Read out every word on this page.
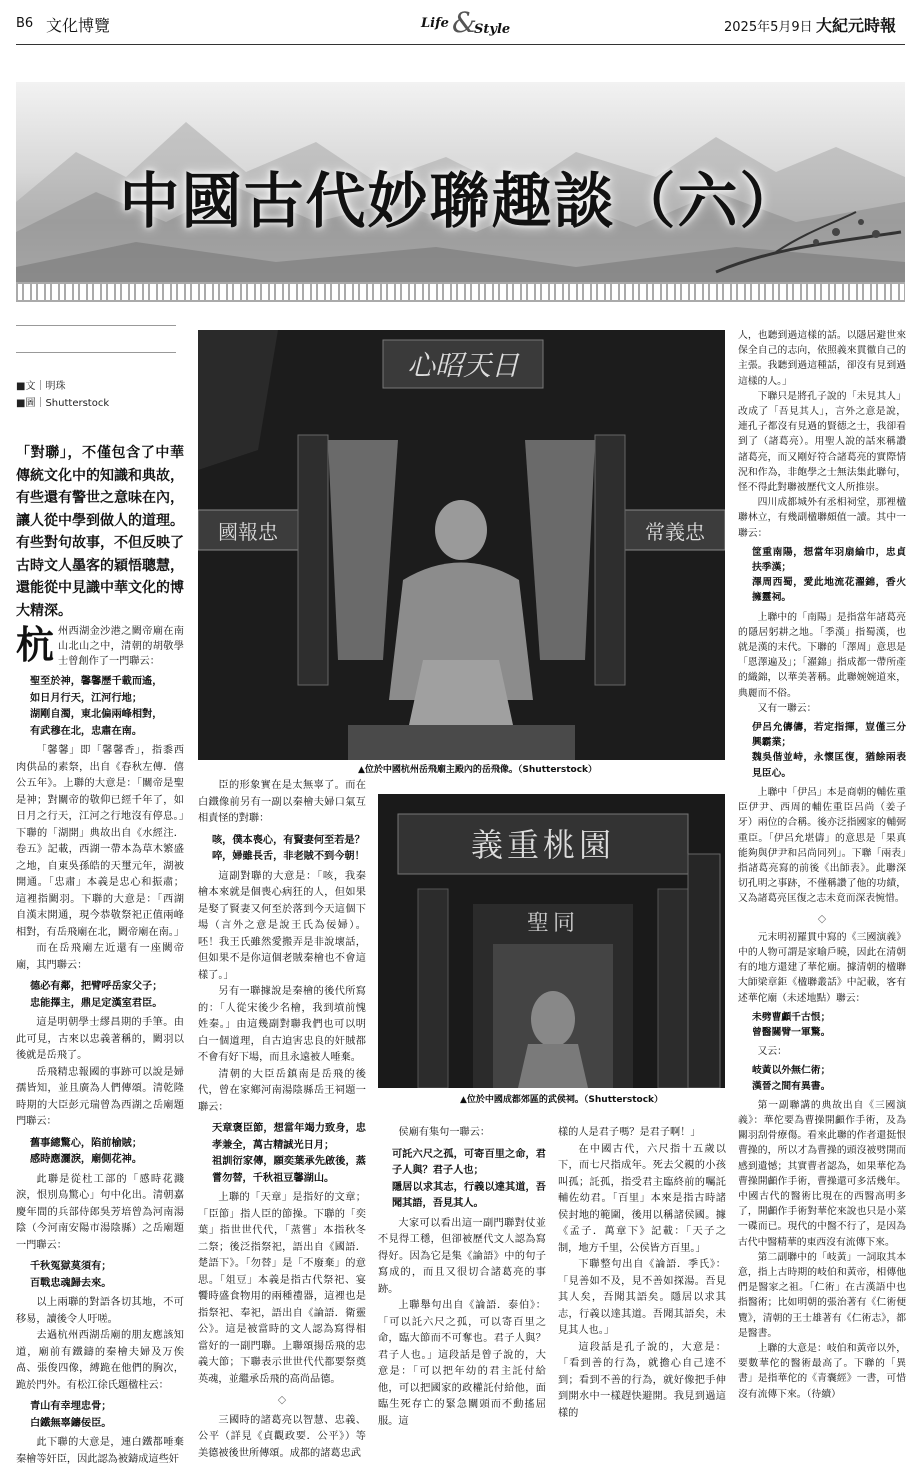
B6 文化博覽	Life &
Style	2025年5月9日 大紀元時報
中國古代妙聯趣談（六）
■文｜明珠
■圖｜Shutterstock
「對聯」，不僅包含了中華傳統文化中的知識和典故，有些還有警世之意味在內，讓人從中學到做人的道理。有些對句故事，不但反映了古時文人墨客的穎悟聰慧，還能從中見識中華文化的博大精深。
杭 州西湖金沙港之闕帝廟在南山北山之中，清朝的胡敬學士曾創作了一門聯云：
聖至於神，馨馨歷千載而遙，
如日月行天，江河行地；
湖剛自濁，東北偏兩峰相對，
有武穆在北，忠肅在南。

「馨馨」即「馨馨香」，指黍西肉供品的素祭，出自《春秋左傳．僖公五年》。上聯的大意是：「關帝是聖是神；對關帝的敬仰已經千年了，如日月之行天，江河之行地沒有停息。」下聯的「湖開」典故出自《水經注．卷五》記載，西湖一帶本為草木繁盛之地，自東吳孫皓的天璽元年，湖被開通。「忠肅」本義是忠心和振肅；這裡指闕羽。下聯的大意是：「西湖自漢末開通，現今恭敬祭祀正值兩峰相對，有岳飛廟在北，闕帝廟在南。」

而在岳飛廟左近還有一座闕帝廟，其門聯云：

德必有鄰，把臂呼岳家父子；
忠能擇主，鼎足定漢室君臣。

這是明朝學士繆昌期的手筆。由此可見，古來以忠義著稱的，闕羽以後就是岳飛了。

岳飛精忠報國的事跡可以說是婦孺皆知，並且廣為人們傳頌。清乾隆時期的大臣彭元瑞曾為西湖之岳廟題門聯云：

舊事總驚心，陷前榆賊；
感時應灑淚，廟側花神。

此聯是從杜工部的「感時花濺淚，恨別鳥驚心」句中化出。清朝嘉慶年間的兵部侍郎吳芳培曾為河南湯陰（今河南安陽市湯陰縣）之岳廟題一門聯云：

千秋冤獄莫須有；
百戰忠魂歸去來。

以上兩聯的對語各切其地，不可移易，讀後令人吁嗟。

去過杭州西湖岳廟的朋友應該知道，廟前有鐵鑄的秦檜夫婦及万俟卨、張俊四像，縛跪在他們的胸次，跪於門外。有松江徐氏題楹柱云：

青山有幸埋忠骨；
白鐵無辜鑄佞臣。

此下聯的大意是，連白鐵都唾棄秦檜等奸臣，因此認為被鑄成這些奸

心昭天日
國報忠	常義忠
▲位於中國杭州岳飛廟主殿內的岳飛像。（Shutterstock）

臣的形象實在是太無辜了。而在白鐵像前另有一副以秦檜夫婦口氣互相責怪的對聯：

咳，僕本喪心，有賢妻何至若是？
啐，婦雖長舌，非老賊不到今朝！

這副對聯的大意是：「咳，我秦檜本來就是個喪心病狂的人，但如果是娶了賢妻又何至於落到今天這個下場（言外之意是說王氏為佞婦）。呸！我王氏雖然愛搬弄是非說壞話，但如果不是你這個老賊秦檜也不會這樣了。」

另有一聯據說是秦檜的後代所寫的：「人從宋後少名檜，我到墳前愧姓秦。」由這幾副對聯我們也可以明白一個道理，自古迫害忠良的奸賊都不會有好下場，而且永遠被人唾棄。

清朝的大臣岳鎮南是岳飛的後代，曾在家鄉河南湯陰縣岳王祠題一聯云：

天章褒臣節，想當年竭力致身，忠孝兼全，萬古精誠光日月；
祖訓衍家傳，願奕葉承先啟後，蒸嘗勿替，千秋祖豆馨湖山。

上聯的「天章」是指好的文章；「臣節」指人臣的節操。下聯的「奕葉」指世世代代，「蒸嘗」本指秋冬二祭；後泛指祭祀，語出自《國語．楚語下》。「勿替」是「不廢棄」的意思。「俎豆」本義是指古代祭祀、宴饗時盛食物用的兩種禮器，這裡也是指祭祀、奉祀，語出自《論語．衛靈公》。這是被當時的文人認為寫得相當好的一副門聯。上聯頌揚岳飛的忠義大節；下聯表示世世代代都要祭奠英魂，並繼承岳飛的高尚品德。

◇

三國時的諸葛亮以智慧、忠義、公平（詳見《貞觀政要．公平》）等美德被後世所傳頌。成都的諸葛忠武

義重桃園
聖同
▲位於中國成都郊區的武侯祠。（Shutterstock）

侯廟有集句一聯云：

可託六尺之孤，可寄百里之命，君子人與？君子人也；
隱居以求其志，行義以達其道，吾聞其語，吾見其人。

大家可以看出這一副門聯對仗並不見得工穩，但卻被歷代文人認為寫得好。因為它是集《論語》中的句子寫成的，而且又很切合諸葛亮的事跡。

上聯舉句出自《論語．泰伯》：「可以託六尺之孤，可以寄百里之命，臨大節而不可奪也。君子人與？君子人也。」這段話是曾子說的，大意是：「可以把年幼的君主託付給他，可以把國家的政權託付給他，面臨生死存亡的緊急關頭而不動搖屈服。這

樣的人是君子嗎？是君子啊！」

在中國古代，六尺指十五歲以下，而七尺指成年。死去父親的小孩叫孤；託孤，指受君主臨終前的囑託輔佐幼君。「百里」本來是指古時諸侯封地的範圍，後用以稱諸侯國。據《孟子．萬章下》記載：「天子之制，地方千里，公侯皆方百里。」

下聯整句出自《論語．季氏》：「見善如不及，見不善如探湯。吾見其人矣，吾聞其語矣。隱居以求其志，行義以達其道。吾聞其語矣，未見其人也。」

這段話是孔子說的，大意是：「看到善的行為，就擔心自己達不到；看到不善的行為，就好像把手伸到開水中一樣趕快避開。我見到過這樣的

人，也聽到過這樣的話。以隱居避世來保全自己的志向，依照義來貫徹自己的主張。我聽到過這種話，卻沒有見到過這樣的人。」

下聯只是將孔子說的「未見其人」改成了「吾見其人」，言外之意是說，連孔子都沒有見過的賢德之士，我卻看到了（諸葛亮）。用聖人說的話來稱讚諸葛亮，而又剛好符合諸葛亮的實際情況和作為，非飽學之士無法集此聯句，怪不得此對聯被歷代文人所推崇。

四川成都城外有丞相祠堂，那裡楹聯林立，有幾副楹聯頗值一讀。其中一聯云：

筐重南陽，想當年羽扇綸巾，忠貞扶季漢；
澤周西蜀，愛此地流花濯錦，香火擁靈祠。

上聯中的「南陽」是指當年諸葛亮的隱居躬耕之地。「季漢」指蜀漢，也就是漢的末代。下聯的「澤周」意思是「恩澤遍及」；「濯錦」指成都一帶所產的織錦，以華美著稱。此聯婉婉道來，典麗而不俗。

又有一聯云：

伊呂允儔儔，若定指揮，豈僅三分興霸業；
魏吳偕並峙，永懷匡復，猶餘兩表見臣心。

上聯中「伊呂」本是商朝的輔佐重臣伊尹、西周的輔佐重臣呂尚（姜子牙）兩位的合稱。後亦泛指國家的輔弼重臣。「伊呂允堪儔」的意思是「果真能夠與伊尹和呂尚同列」。下聯「兩表」指諸葛亮寫的前後《出師表》。此聯深切孔明之事跡，不僅稱讚了他的功績，又為諸葛亮匡復之志未竟而深表惋惜。

◇

元末明初羅貫中寫的《三國演義》中的人物可謂是家喻戶曉，因此在清朝有的地方還建了華佗廟。據清朝的楹聯大師梁章鉅《楹聯叢話》中記載，客有述華佗廟（未述地點）聯云：

未劈曹顱千古恨；
曾醫關臂一軍驚。

又云：

岐黃以外無仁術；
漢晉之間有異書。

第一副聯講的典故出自《三國演義》：華佗要為曹操開顱作手術，及為關羽刮骨療傷。看來此聯的作者還挺恨曹操的，所以才為曹操的頭沒被劈開而感到遺憾；其實曹者認為，如果華佗為曹操開顱作手術，曹操還可多活幾年。中國古代的醫術比現在的西醫高明多了，開顱作手術對華佗來說也只是小菜一碟而已。現代的中醫不行了，是因為古代中醫精華的東西沒有流傳下來。

第二副聯中的「岐黃」一詞取其本意，指上古時期的岐伯和黃帝，相傳他們是醫家之祖。「仁術」在古漢語中也指醫術；比如明朝的張治著有《仁術便覽》，清朝的王士雄著有《仁術志》，都是醫書。

上聯的大意是：岐伯和黃帝以外，要數華佗的醫術最高了。下聯的「異書」是指華佗的《青囊經》一書，可惜沒有流傳下來。（待續）
